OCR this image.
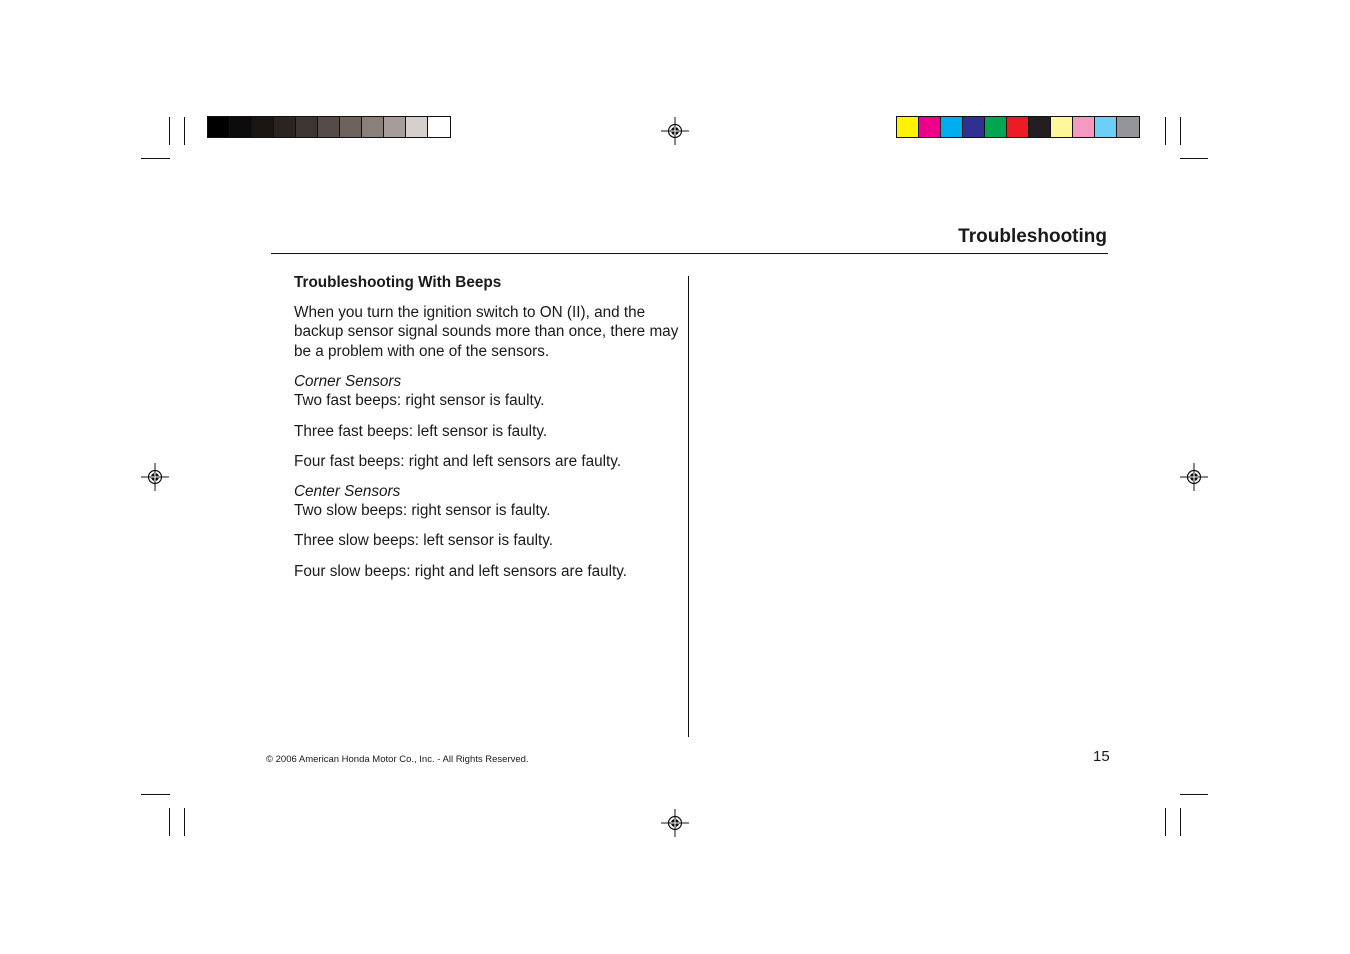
Troubleshooting
Troubleshooting With Beeps

When you turn the ignition switch to ON (II), and the backup sensor signal sounds more than once, there may be a problem with one of the sensors.

Corner Sensors
Two fast beeps: right sensor is faulty.

Three fast beeps: left sensor is faulty.

Four fast beeps: right and left sensors are faulty.

Center Sensors
Two slow beeps: right sensor is faulty.

Three slow beeps: left sensor is faulty.

Four slow beeps: right and left sensors are faulty.

© 2006 American Honda Motor Co., Inc. - All Rights Reserved.	15
